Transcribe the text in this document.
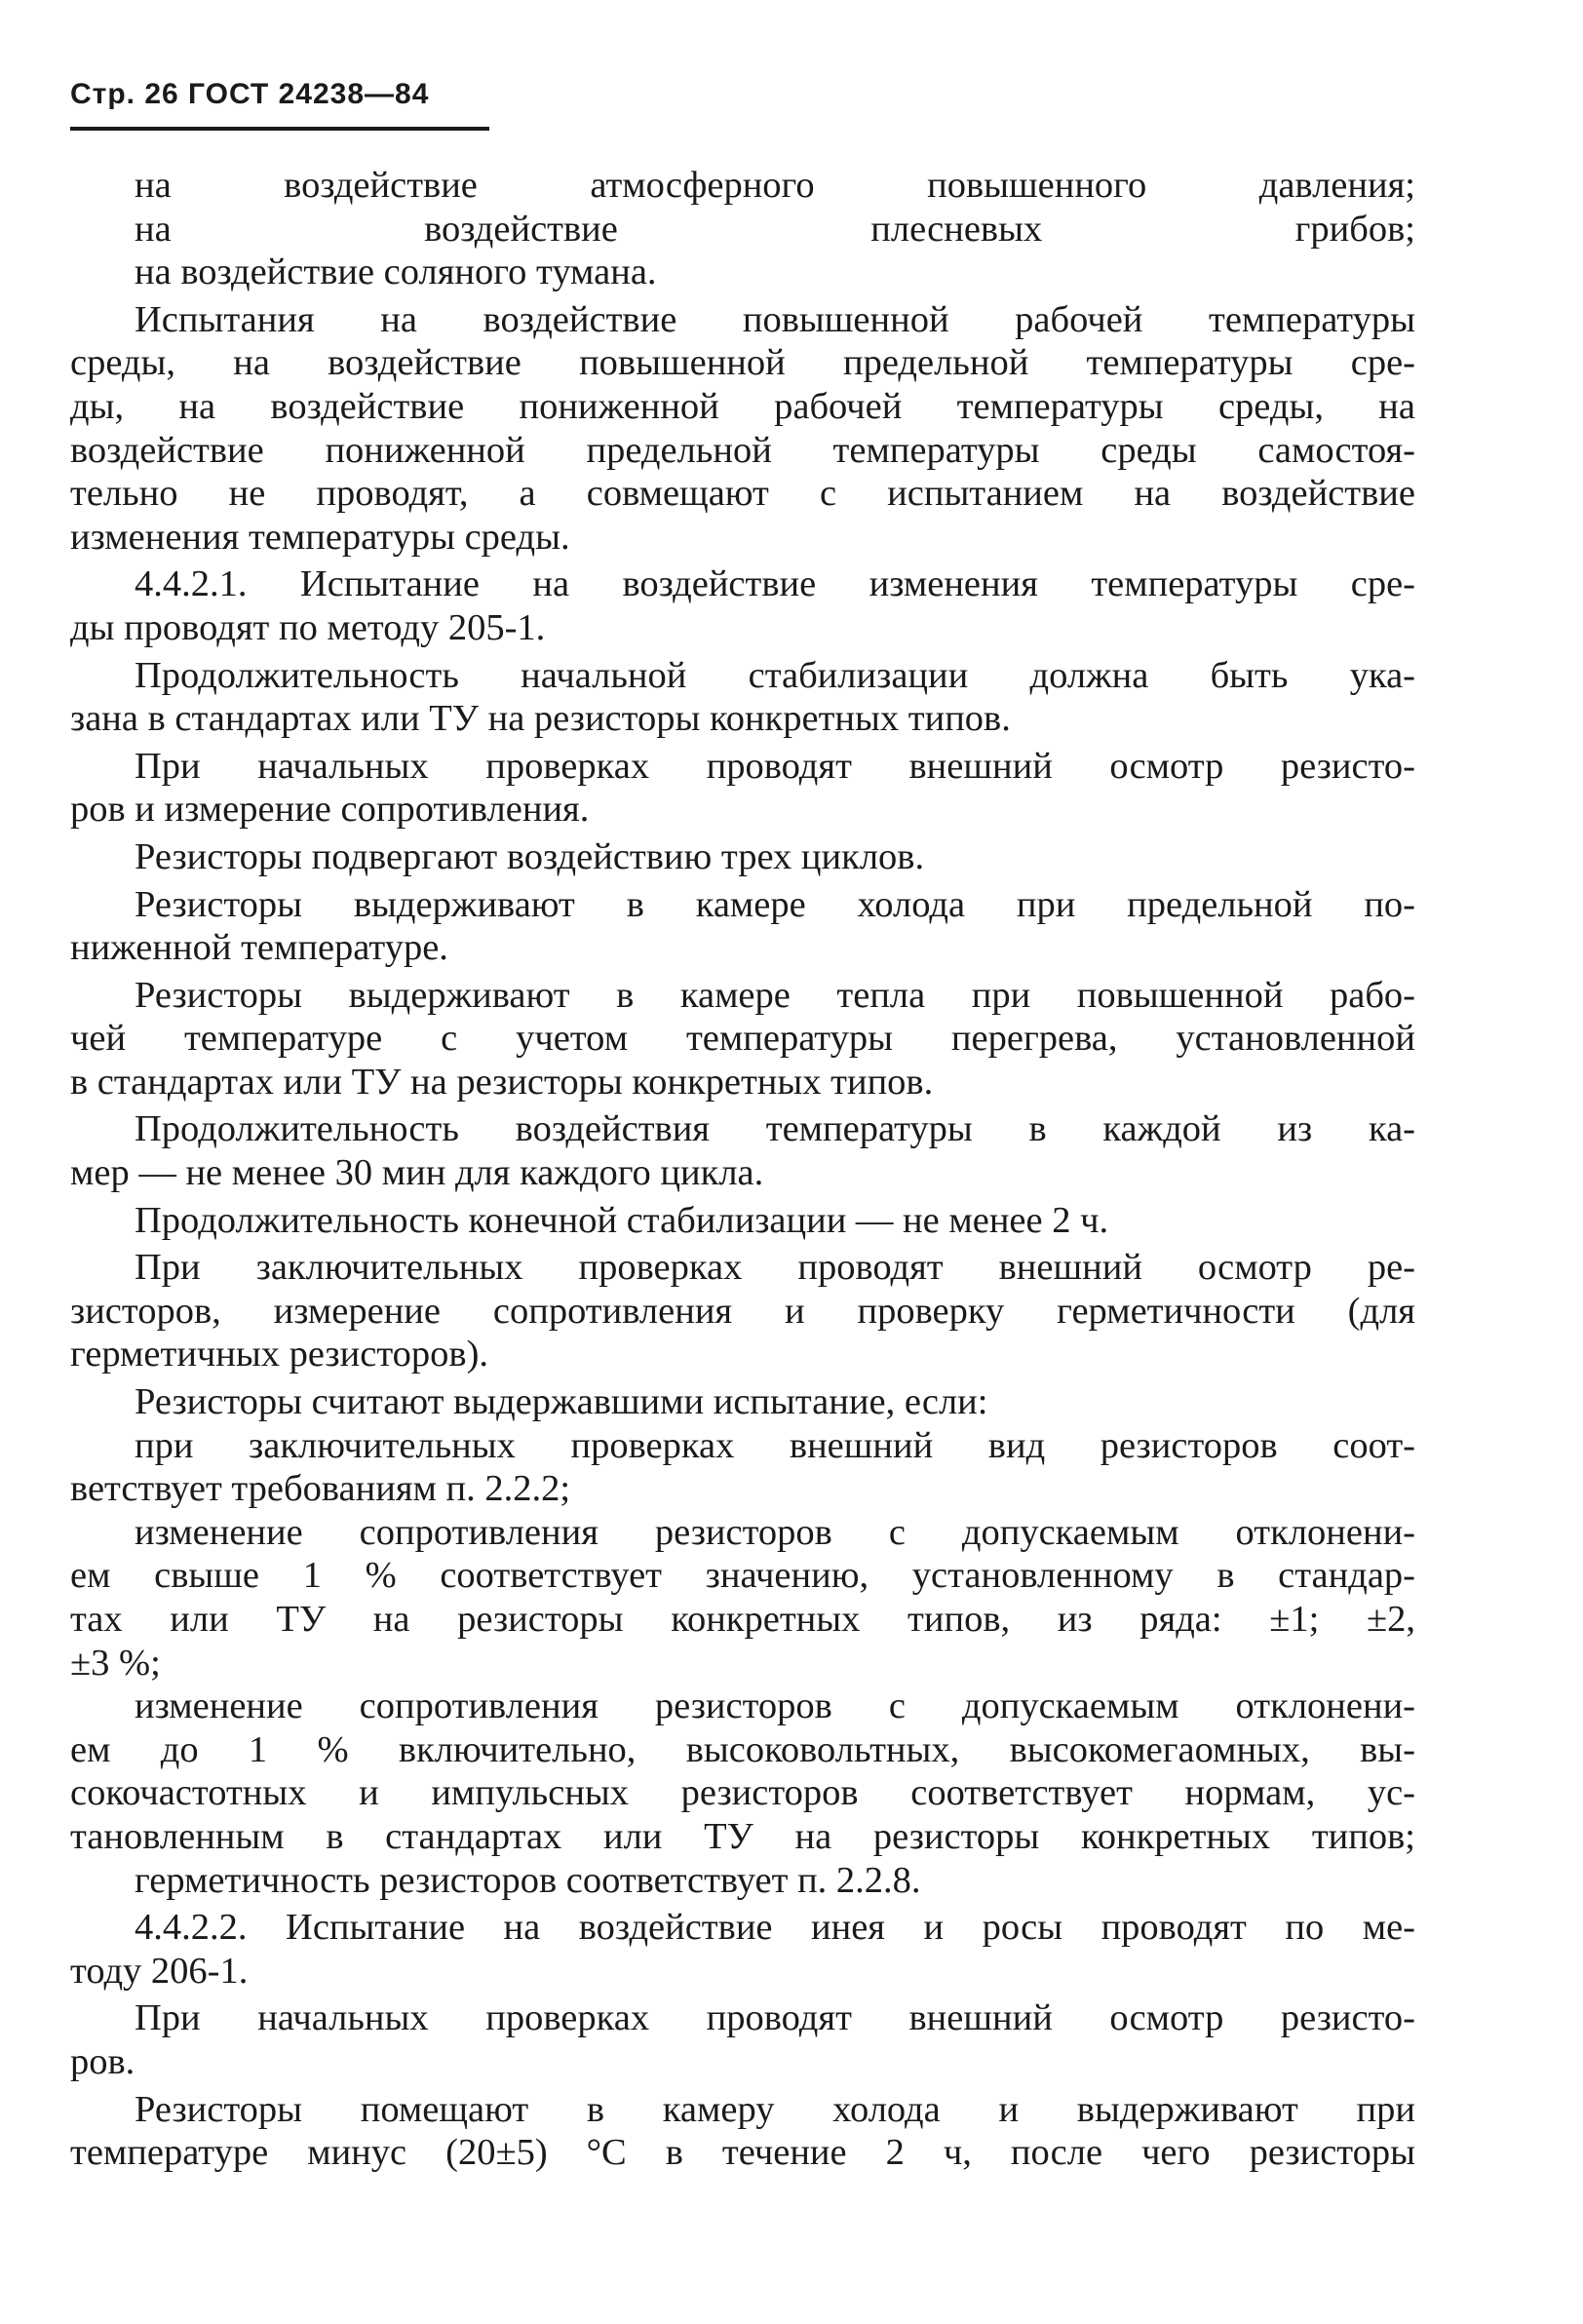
Стр. 26 ГОСТ 24238—84
на воздействие атмосферного повышенного давления;
на воздействие плесневых грибов;
на воздействие соляного тумана.
Испытания на воздействие повышенной рабочей температуры
среды, на воздействие повышенной предельной температуры сре-
ды, на воздействие пониженной рабочей температуры среды, на
воздействие пониженной предельной температуры среды самостоя-
тельно не проводят, а совмещают с испытанием на воздействие
изменения температуры среды.
4.4.2.1. Испытание на воздействие изменения температуры сре-
ды проводят по методу 205-1.
Продолжительность начальной стабилизации должна быть ука-
зана в стандартах или ТУ на резисторы конкретных типов.
При начальных проверках проводят внешний осмотр резисто-
ров и измерение сопротивления.
Резисторы подвергают воздействию трех циклов.
Резисторы выдерживают в камере холода при предельной по-
ниженной температуре.
Резисторы выдерживают в камере тепла при повышенной рабо-
чей температуре с учетом температуры перегрева, установленной
в стандартах или ТУ на резисторы конкретных типов.
Продолжительность воздействия температуры в каждой из ка-
мер — не менее 30 мин для каждого цикла.
Продолжительность конечной стабилизации — не менее 2 ч.
При заключительных проверках проводят внешний осмотр ре-
зисторов, измерение сопротивления и проверку герметичности (для
герметичных резисторов).
Резисторы считают выдержавшими испытание, если:
при заключительных проверках внешний вид резисторов соот-
ветствует требованиям п. 2.2.2;
изменение сопротивления резисторов с допускаемым отклонени-
ем свыше 1 % соответствует значению, установленному в стандар-
тах или ТУ на резисторы конкретных типов, из ряда: ±1; ±2,
±3 %;
изменение сопротивления резисторов с допускаемым отклонени-
ем до 1 % включительно, высоковольтных, высокомегаомных, вы-
сокочастотных и импульсных резисторов соответствует нормам, ус-
тановленным в стандартах или ТУ на резисторы конкретных типов;
герметичность резисторов соответствует п. 2.2.8.
4.4.2.2. Испытание на воздействие инея и росы проводят по ме-
тоду 206-1.
При начальных проверках проводят внешний осмотр резисто-
ров.
Резисторы помещают в камеру холода и выдерживают при
температуре минус (20±5) °C в течение 2 ч, после чего резисторы
